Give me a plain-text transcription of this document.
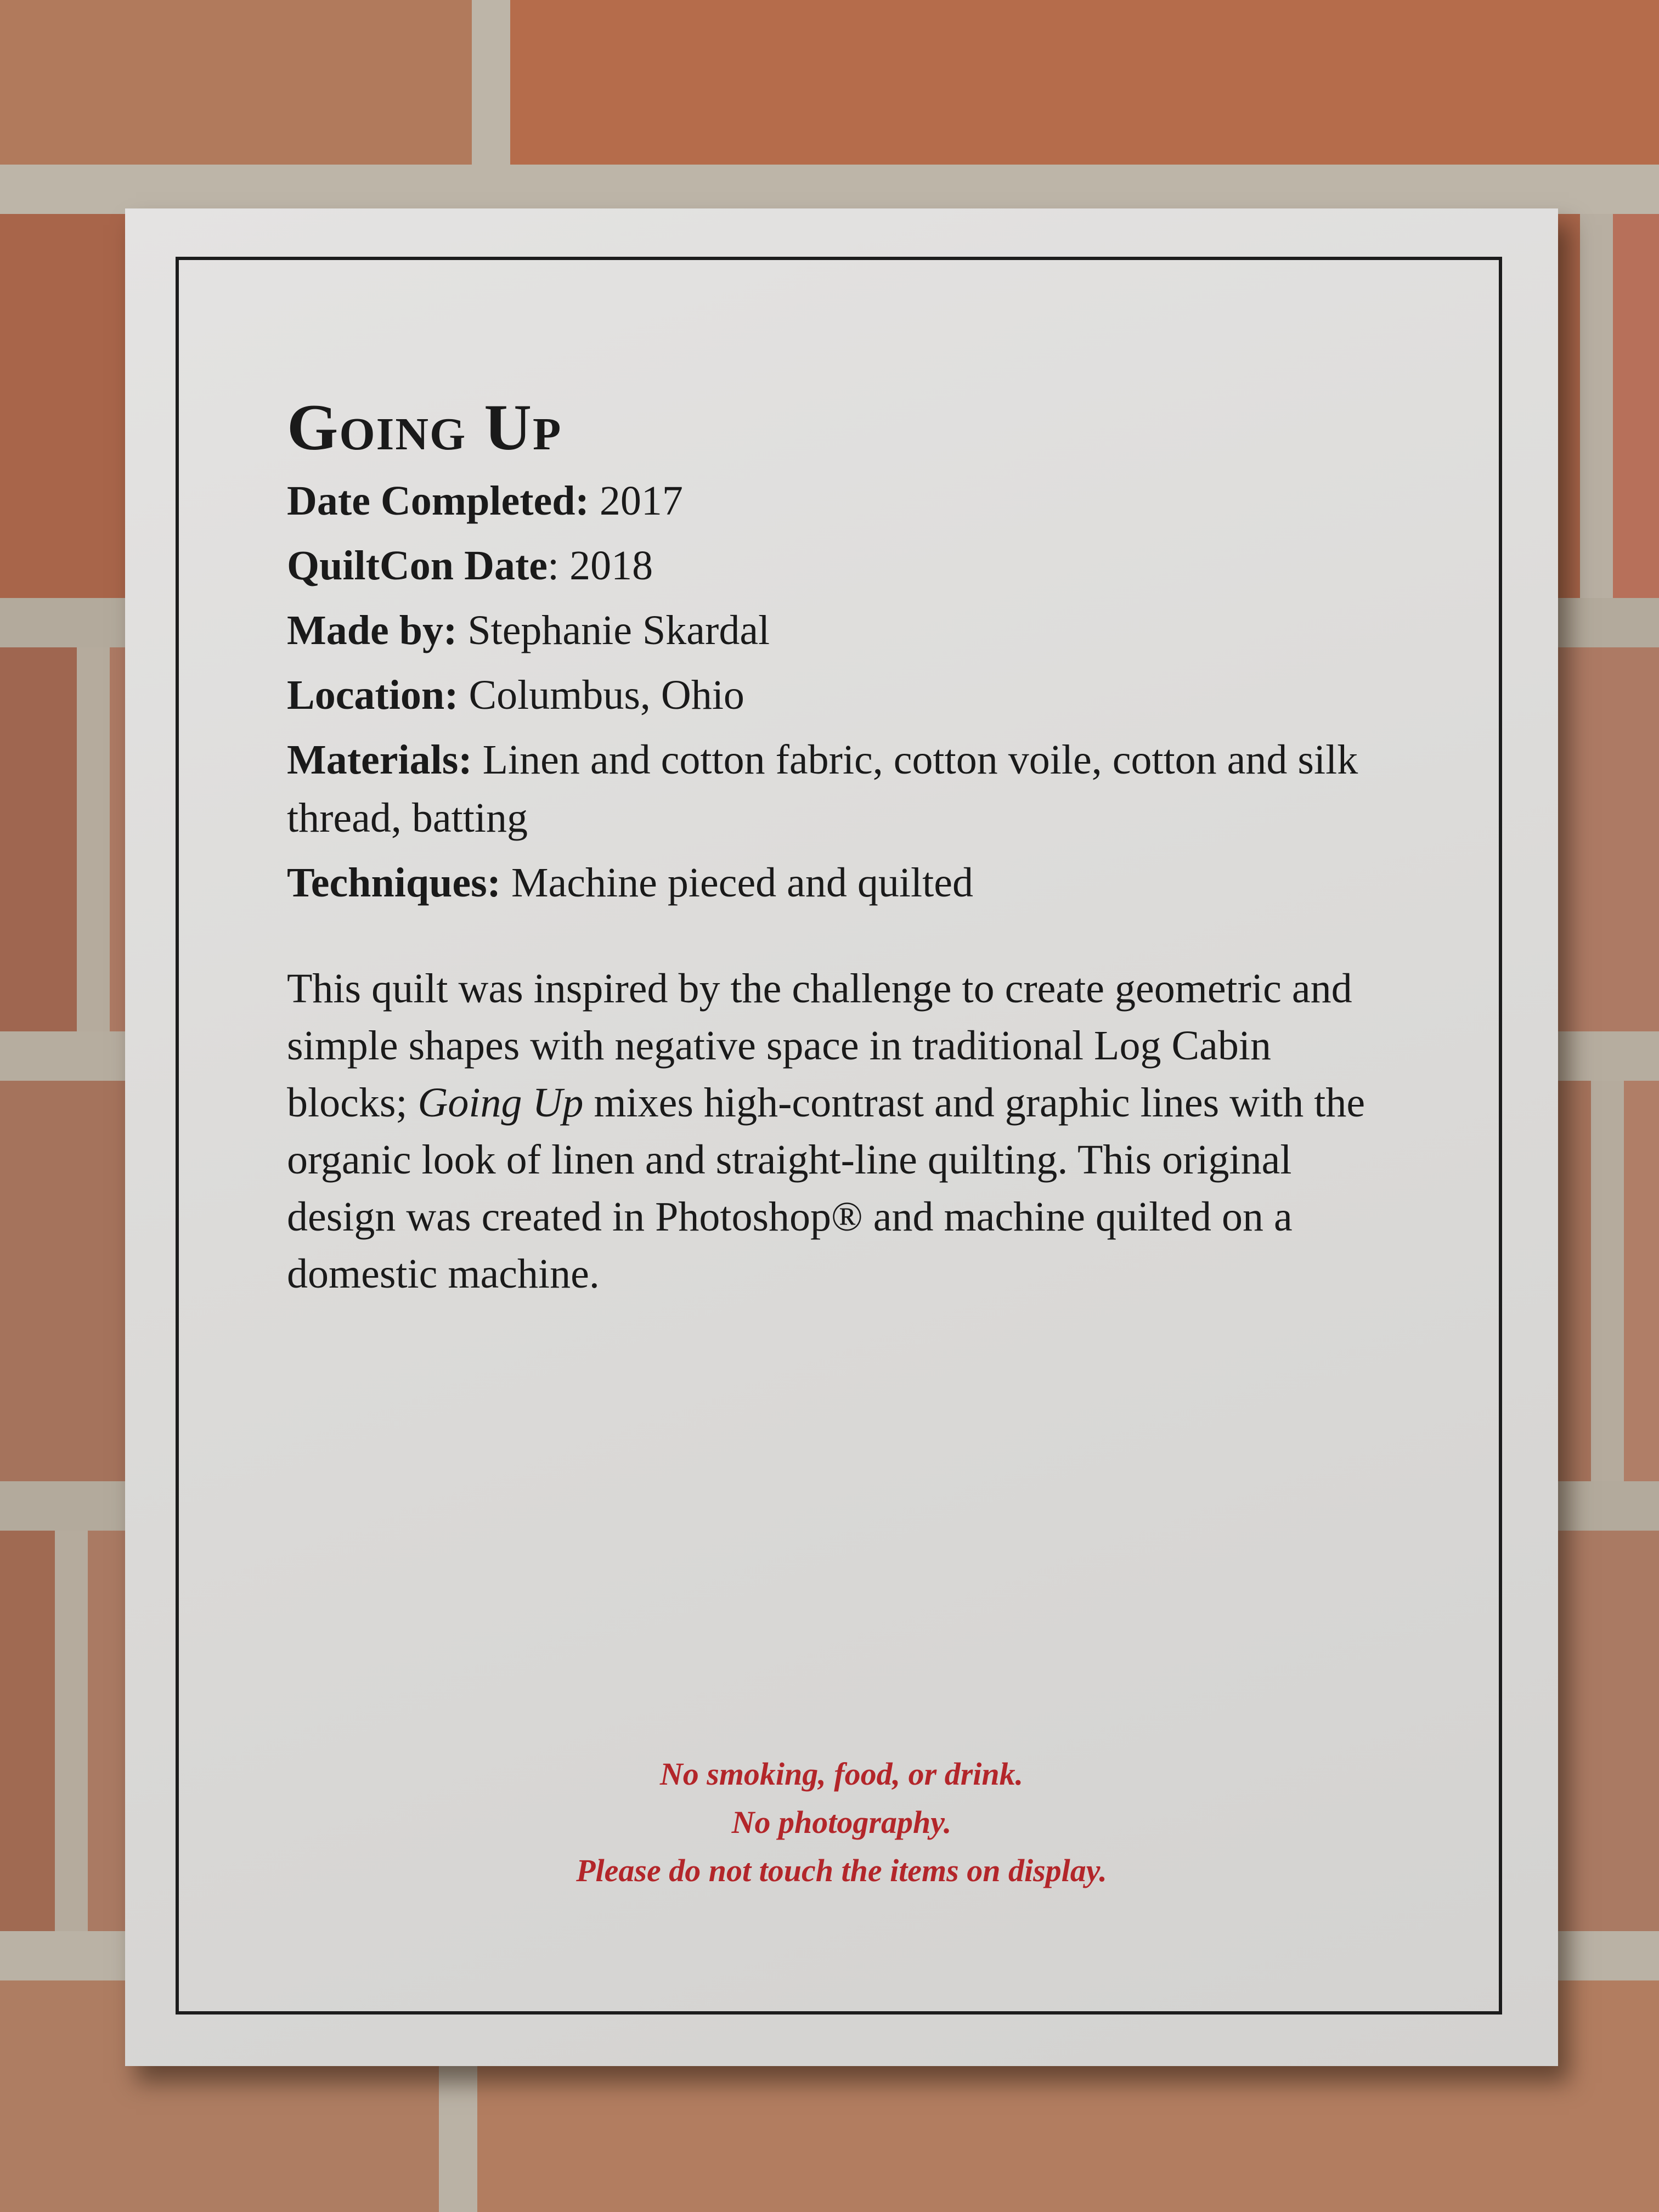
Going Up
Date Completed: 2017
QuiltCon Date: 2018
Made by: Stephanie Skardal
Location: Columbus, Ohio
Materials: Linen and cotton fabric, cotton voile, cotton and silk thread, batting
Techniques: Machine pieced and quilted
This quilt was inspired by the challenge to create geometric and simple shapes with negative space in traditional Log Cabin blocks; Going Up mixes high-contrast and graphic lines with the organic look of linen and straight-line quilting. This original design was created in Photoshop® and machine quilted on a domestic machine.
No smoking, food, or drink.
No photography.
Please do not touch the items on display.
